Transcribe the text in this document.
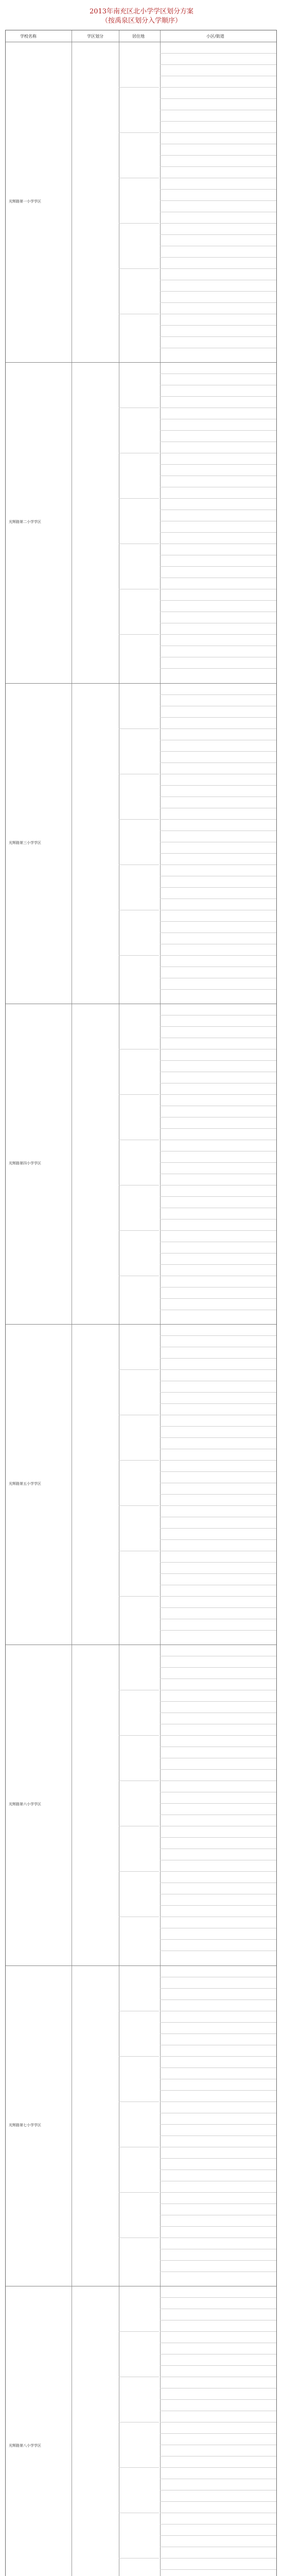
2013年南充区北小学学区划分方案
（按禹泉区划分入学顺序）
学校名称	学区划分	居住地	小区/街道
光辉路第一小学学区
光辉路第二小学学区
光辉路第三小学学区
光辉路第四小学学区
光辉路第五小学学区
光辉路第六小学学区
光辉路第七小学学区
光辉路第八小学学区
